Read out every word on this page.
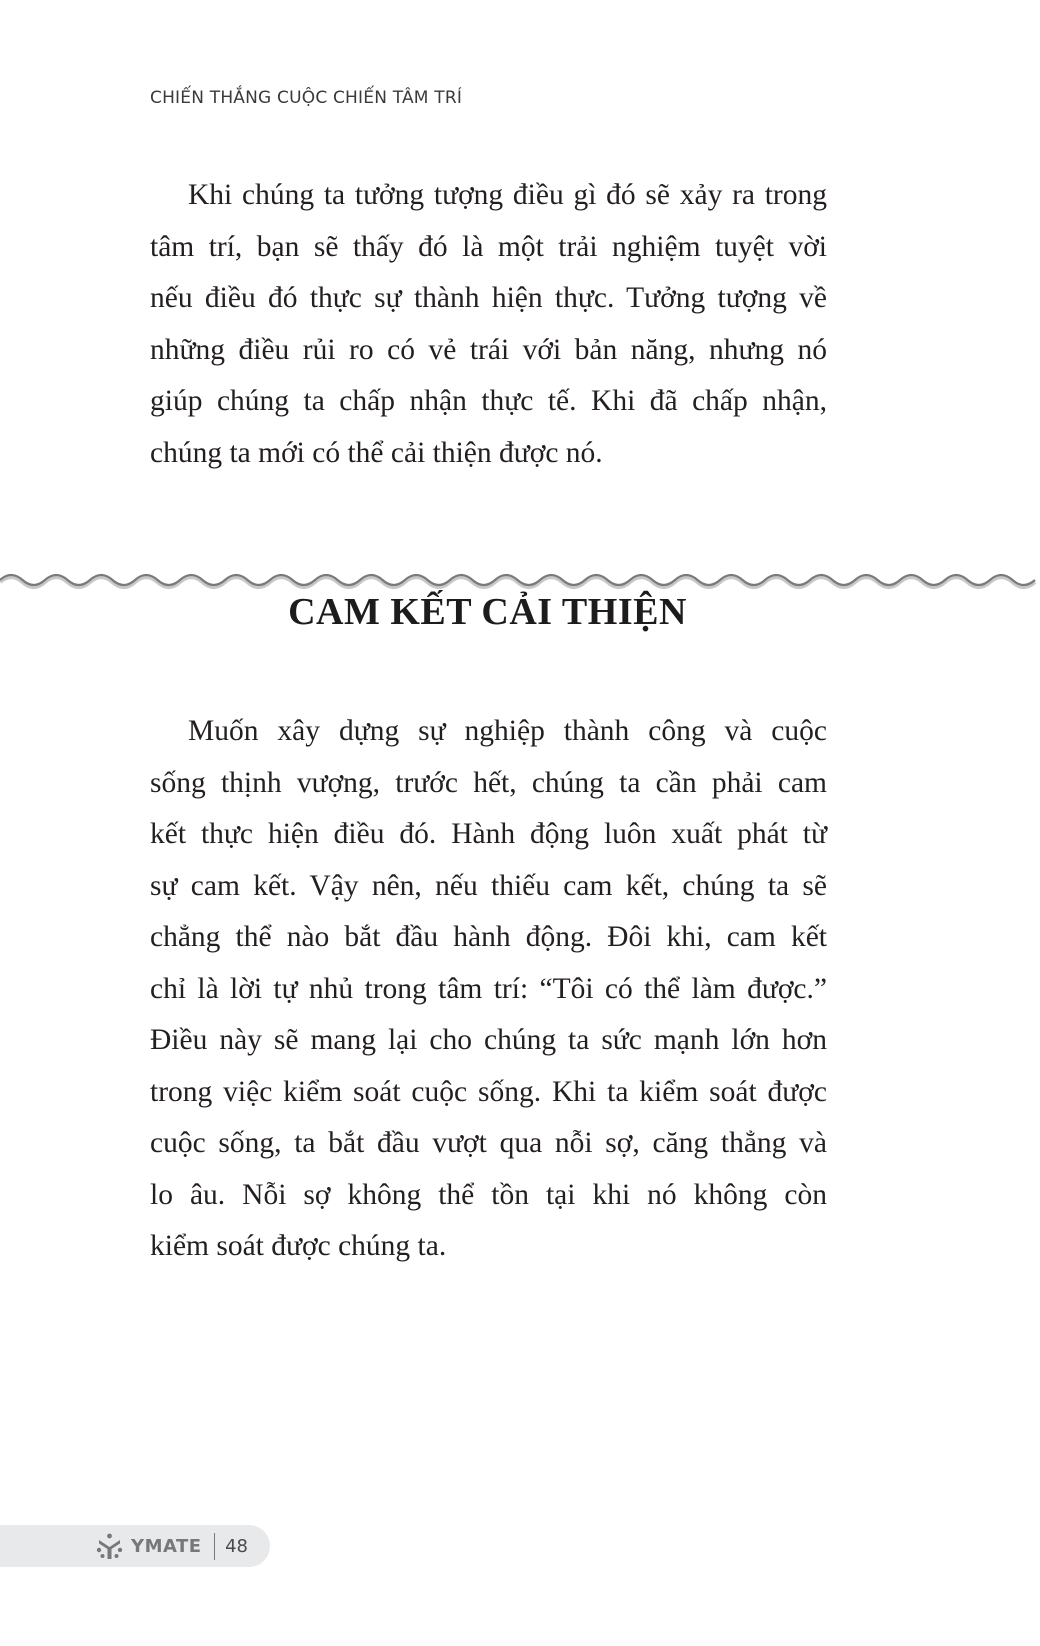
CHIẾN THẮNG CUỘC CHIẾN TÂM TRÍ
Khi chúng ta tưởng tượng điều gì đó sẽ xảy ra trong
tâm trí, bạn sẽ thấy đó là một trải nghiệm tuyệt vời
nếu điều đó thực sự thành hiện thực. Tưởng tượng về
những điều rủi ro có vẻ trái với bản năng, nhưng nó
giúp chúng ta chấp nhận thực tế. Khi đã chấp nhận,
chúng ta mới có thể cải thiện được nó.
CAM KẾT CẢI THIỆN
Muốn xây dựng sự nghiệp thành công và cuộc
sống thịnh vượng, trước hết, chúng ta cần phải cam
kết thực hiện điều đó. Hành động luôn xuất phát từ
sự cam kết. Vậy nên, nếu thiếu cam kết, chúng ta sẽ
chẳng thể nào bắt đầu hành động. Đôi khi, cam kết
chỉ là lời tự nhủ trong tâm trí: “Tôi có thể làm được.”
Điều này sẽ mang lại cho chúng ta sức mạnh lớn hơn
trong việc kiểm soát cuộc sống. Khi ta kiểm soát được
cuộc sống, ta bắt đầu vượt qua nỗi sợ, căng thẳng và
lo âu. Nỗi sợ không thể tồn tại khi nó không còn
kiểm soát được chúng ta.
YMATE 48
